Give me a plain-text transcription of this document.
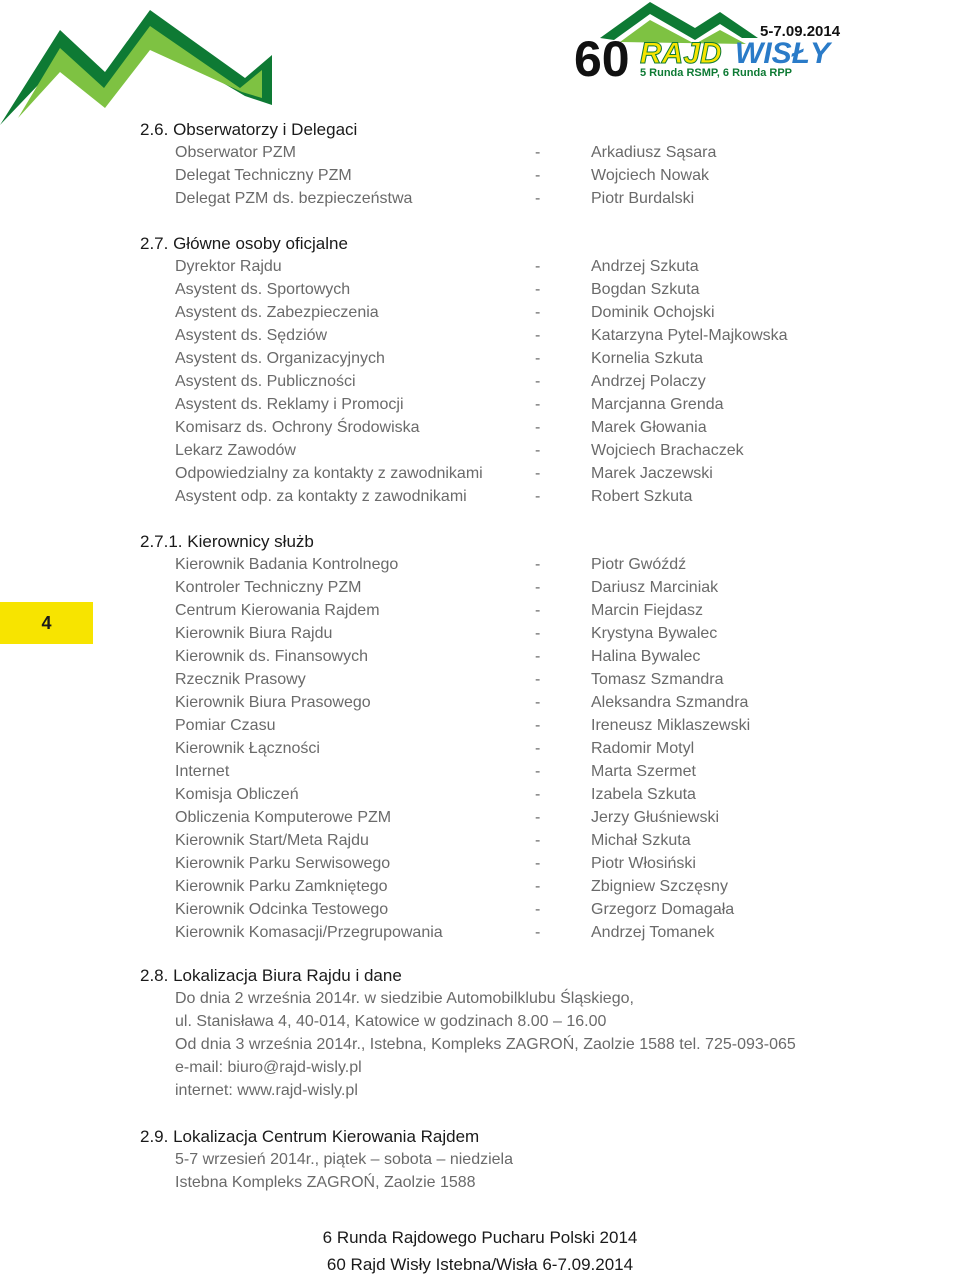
60 RAJD WISŁY
5-7.09.2014
5 Runda RSMP, 6 Runda RPP
4
2.6. Obserwatorzy i Delegaci
Obserwator PZM	-	Arkadiusz Sąsara
Delegat Techniczny PZM	-	Wojciech Nowak
Delegat PZM ds. bezpieczeństwa	-	Piotr Burdalski
2.7. Główne osoby oficjalne
Dyrektor Rajdu	-	Andrzej Szkuta
Asystent ds. Sportowych	-	Bogdan Szkuta
Asystent ds. Zabezpieczenia	-	Dominik Ochojski
Asystent ds. Sędziów	-	Katarzyna Pytel-Majkowska
Asystent ds. Organizacyjnych	-	Kornelia Szkuta
Asystent ds. Publiczności	-	Andrzej Polaczy
Asystent ds. Reklamy i Promocji	-	Marcjanna Grenda
Komisarz ds. Ochrony Środowiska	-	Marek Głowania
Lekarz Zawodów	-	Wojciech Brachaczek
Odpowiedzialny za kontakty z zawodnikami	-	Marek Jaczewski
Asystent odp. za kontakty z zawodnikami	-	Robert Szkuta
2.7.1. Kierownicy służb
Kierownik Badania Kontrolnego	-	Piotr Gwóźdź
Kontroler Techniczny PZM	-	Dariusz Marciniak
Centrum Kierowania Rajdem	-	Marcin Fiejdasz
Kierownik Biura Rajdu	-	Krystyna Bywalec
Kierownik ds. Finansowych	-	Halina Bywalec
Rzecznik Prasowy	-	Tomasz Szmandra
Kierownik Biura Prasowego	-	Aleksandra Szmandra
Pomiar Czasu	-	Ireneusz Miklaszewski
Kierownik Łączności	-	Radomir Motyl
Internet	-	Marta Szermet
Komisja Obliczeń	-	Izabela Szkuta
Obliczenia Komputerowe PZM	-	Jerzy Głuśniewski
Kierownik Start/Meta Rajdu	-	Michał Szkuta
Kierownik Parku Serwisowego	-	Piotr Włosiński
Kierownik Parku Zamkniętego	-	Zbigniew Szczęsny
Kierownik Odcinka Testowego	-	Grzegorz Domagała
Kierownik Komasacji/Przegrupowania	-	Andrzej Tomanek
2.8. Lokalizacja Biura Rajdu i dane
Do dnia 2 września 2014r. w siedzibie Automobilklubu Śląskiego,
ul. Stanisława 4, 40-014, Katowice w godzinach 8.00 – 16.00
Od dnia 3 września 2014r., Istebna, Kompleks ZAGROŃ, Zaolzie 1588 tel. 725-093-065
e-mail: biuro@rajd-wisly.pl
internet: www.rajd-wisly.pl
2.9. Lokalizacja Centrum Kierowania Rajdem
5-7 wrzesień 2014r., piątek – sobota – niedziela
Istebna Kompleks ZAGROŃ, Zaolzie 1588
6 Runda Rajdowego Pucharu Polski 2014
60 Rajd Wisły Istebna/Wisła 6-7.09.2014
